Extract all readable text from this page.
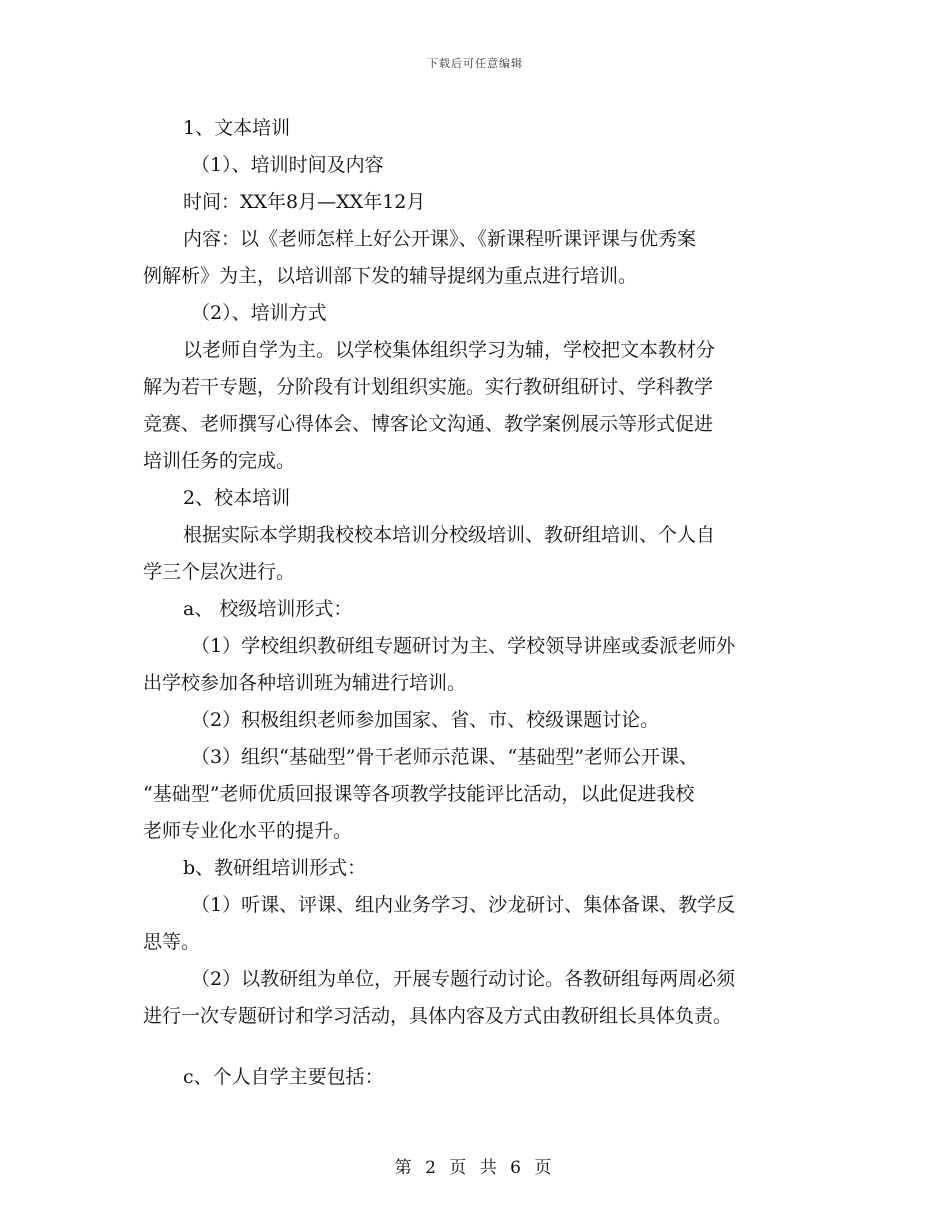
下载后可任意编辑
1、文本培训
（1）、培训时间及内容
时间：XX年8月—XX年12月
内容：以《老师怎样上好公开课》、《新课程听课评课与优秀案
例解析》为主，以培训部下发的辅导提纲为重点进行培训。
（2）、培训方式
以老师自学为主。以学校集体组织学习为辅，学校把文本教材分
解为若干专题，分阶段有计划组织实施。实行教研组研讨、学科教学
竞赛、老师撰写心得体会、博客论文沟通、教学案例展示等形式促进
培训任务的完成。
2、校本培训
根据实际本学期我校校本培训分校级培训、教研组培训、个人自
学三个层次进行。
a、 校级培训形式：
（1）学校组织教研组专题研讨为主、学校领导讲座或委派老师外
出学校参加各种培训班为辅进行培训。
（2）积极组织老师参加国家、省、市、校级课题讨论。
（3）组织“基础型”骨干老师示范课、“基础型”老师公开课、
“基础型”老师优质回报课等各项教学技能评比活动，以此促进我校
老师专业化水平的提升。
b、教研组培训形式：
（1）听课、评课、组内业务学习、沙龙研讨、集体备课、教学反
思等。
（2）以教研组为单位，开展专题行动讨论。各教研组每两周必须
进行一次专题研讨和学习活动，具体内容及方式由教研组长具体负责。
c、个人自学主要包括：
第 2 页 共 6 页
